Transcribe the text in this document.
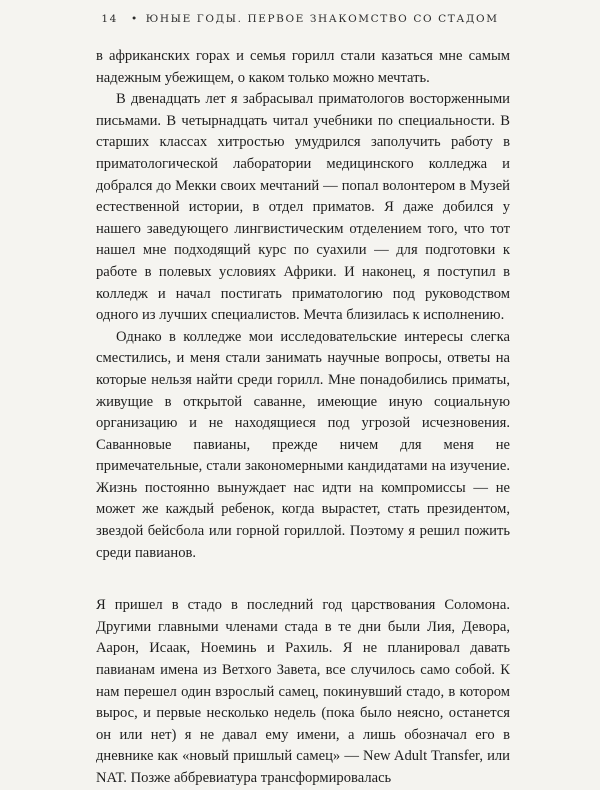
14 • ЮНЫЕ ГОДЫ. ПЕРВОЕ ЗНАКОМСТВО СО СТАДОМ

в африканских горах и семья горилл стали казаться мне самым надежным убежищем, о каком только можно мечтать.

В двенадцать лет я забрасывал приматологов восторженными письмами. В четырнадцать читал учебники по специальности. В старших классах хитростью умудрился заполучить работу в приматологической лаборатории медицинского колледжа и добрался до Мекки своих мечтаний — попал волонтером в Музей естественной истории, в отдел приматов. Я даже добился у нашего заведующего лингвистическим отделением того, что тот нашел мне подходящий курс по суахили — для подготовки к работе в полевых условиях Африки. И наконец, я поступил в колледж и начал постигать приматологию под руководством одного из лучших специалистов. Мечта близилась к исполнению.

Однако в колледже мои исследовательские интересы слегка сместились, и меня стали занимать научные вопросы, ответы на которые нельзя найти среди горилл. Мне понадобились приматы, живущие в открытой саванне, имеющие иную социальную организацию и не находящиеся под угрозой исчезновения. Саванновые павианы, прежде ничем для меня не примечательные, стали закономерными кандидатами на изучение. Жизнь постоянно вынуждает нас идти на компромиссы — не может же каждый ребенок, когда вырастет, стать президентом, звездой бейсбола или горной гориллой. Поэтому я решил пожить среди павианов.

Я пришел в стадо в последний год царствования Соломона. Другими главными членами стада в те дни были Лия, Девора, Аарон, Исаак, Ноеминь и Рахиль. Я не планировал давать павианам имена из Ветхого Завета, все случилось само собой. К нам перешел один взрослый самец, покинувший стадо, в котором вырос, и первые несколько недель (пока было неясно, останется он или нет) я не давал ему имени, а лишь обозначал его в дневнике как «новый пришлый самец» — New Adult Transfer, или NAT. Позже аббревиатура трансформировалась
